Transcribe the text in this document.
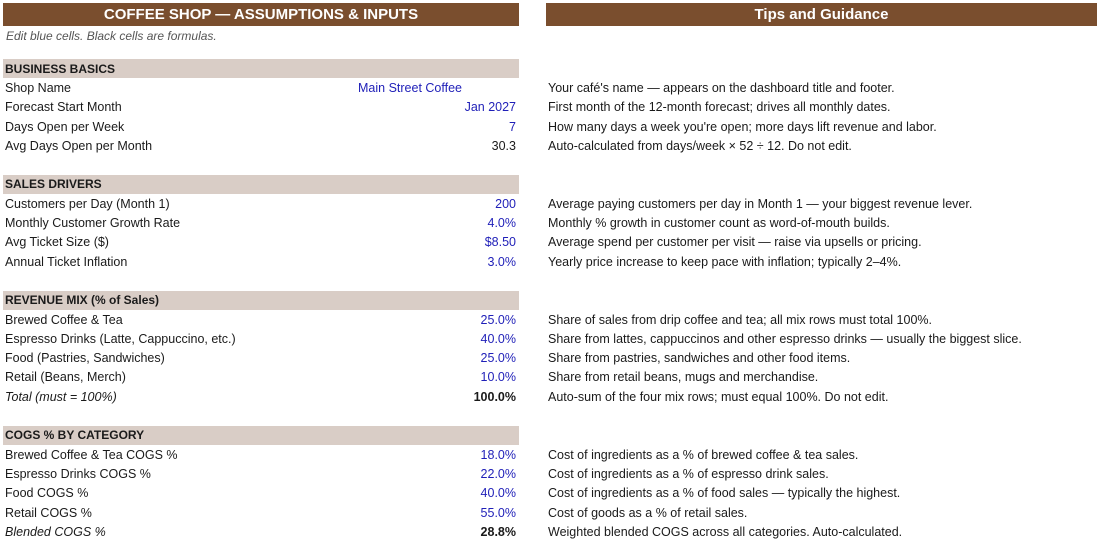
COFFEE SHOP — ASSUMPTIONS & INPUTS	Tips and Guidance
Edit blue cells. Black cells are formulas.
BUSINESS BASICS
Shop Name	Main Street Coffee	Your café's name — appears on the dashboard title and footer.
Forecast Start Month	Jan 2027	First month of the 12-month forecast; drives all monthly dates.
Days Open per Week	7	How many days a week you're open; more days lift revenue and labor.
Avg Days Open per Month	30.3	Auto-calculated from days/week × 52 ÷ 12. Do not edit.
SALES DRIVERS
Customers per Day (Month 1)	200	Average paying customers per day in Month 1 — your biggest revenue lever.
Monthly Customer Growth Rate	4.0%	Monthly % growth in customer count as word-of-mouth builds.
Avg Ticket Size ($)	$8.50	Average spend per customer per visit — raise via upsells or pricing.
Annual Ticket Inflation	3.0%	Yearly price increase to keep pace with inflation; typically 2–4%.
REVENUE MIX (% of Sales)
Brewed Coffee & Tea	25.0%	Share of sales from drip coffee and tea; all mix rows must total 100%.
Espresso Drinks (Latte, Cappuccino, etc.)	40.0%	Share from lattes, cappuccinos and other espresso drinks — usually the biggest slice.
Food (Pastries, Sandwiches)	25.0%	Share from pastries, sandwiches and other food items.
Retail (Beans, Merch)	10.0%	Share from retail beans, mugs and merchandise.
Total (must = 100%)	100.0%	Auto-sum of the four mix rows; must equal 100%. Do not edit.
COGS % BY CATEGORY
Brewed Coffee & Tea COGS %	18.0%	Cost of ingredients as a % of brewed coffee & tea sales.
Espresso Drinks COGS %	22.0%	Cost of ingredients as a % of espresso drink sales.
Food COGS %	40.0%	Cost of ingredients as a % of food sales — typically the highest.
Retail COGS %	55.0%	Cost of goods as a % of retail sales.
Blended COGS %	28.8%	Weighted blended COGS across all categories. Auto-calculated.
